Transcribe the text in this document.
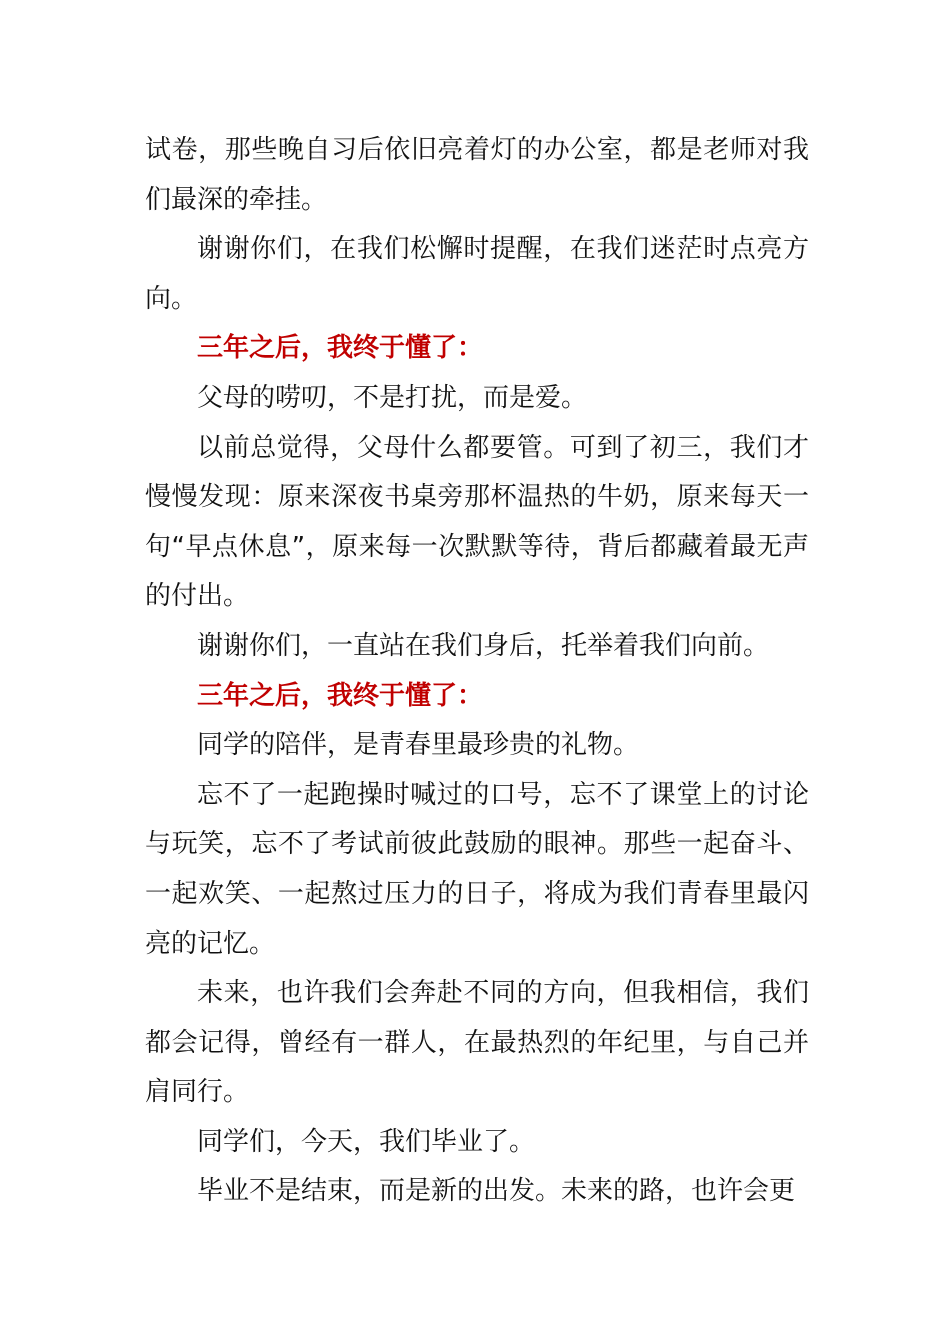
试卷，那些晚自习后依旧亮着灯的办公室，都是老师对我们最深的牵挂。

谢谢你们，在我们松懈时提醒，在我们迷茫时点亮方向。

三年之后，我终于懂了：

父母的唠叨，不是打扰，而是爱。

以前总觉得，父母什么都要管。可到了初三，我们才慢慢发现：原来深夜书桌旁那杯温热的牛奶，原来每天一句“早点休息”，原来每一次默默等待，背后都藏着最无声的付出。

谢谢你们，一直站在我们身后，托举着我们向前。

三年之后，我终于懂了：

同学的陪伴，是青春里最珍贵的礼物。

忘不了一起跑操时喊过的口号，忘不了课堂上的讨论与玩笑，忘不了考试前彼此鼓励的眼神。那些一起奋斗、一起欢笑、一起熬过压力的日子，将成为我们青春里最闪亮的记忆。

未来，也许我们会奔赴不同的方向，但我相信，我们都会记得，曾经有一群人，在最热烈的年纪里，与自己并肩同行。

同学们，今天，我们毕业了。

毕业不是结束，而是新的出发。未来的路，也许会更
